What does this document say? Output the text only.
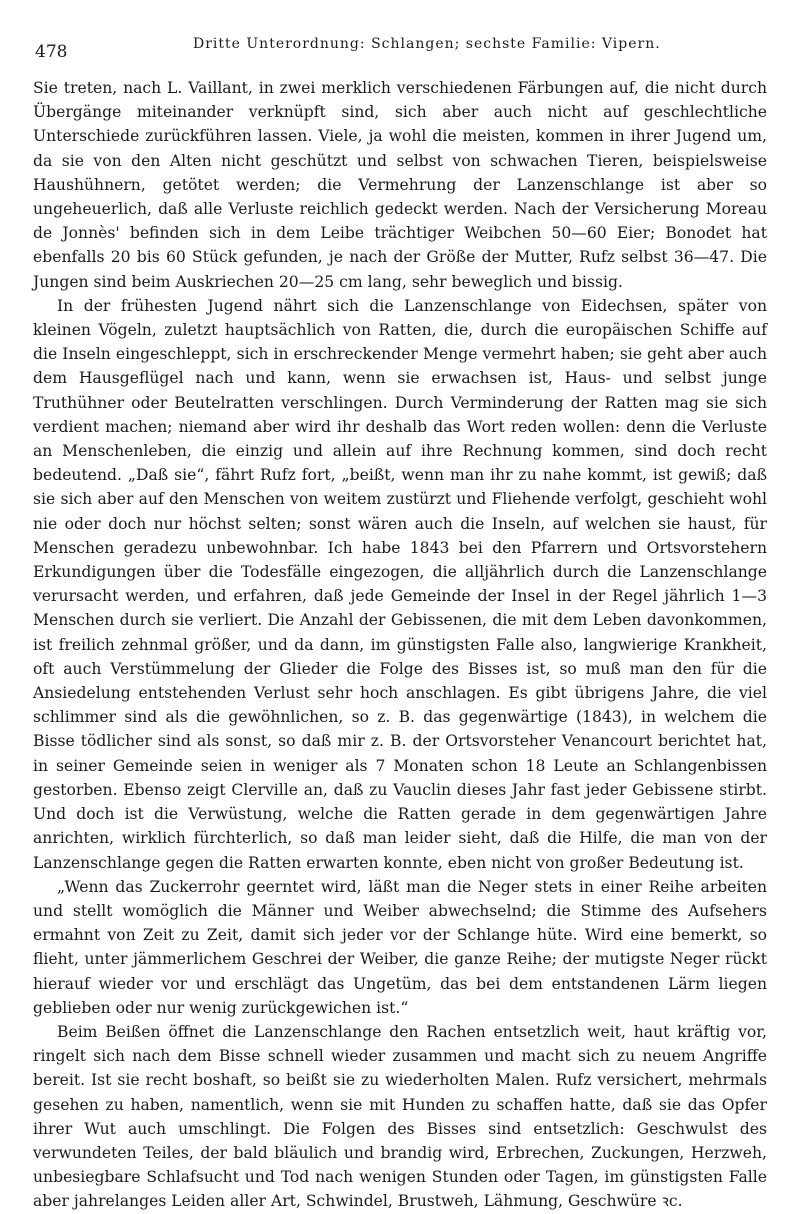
478	Dritte Unterordnung: Schlangen; sechste Familie: Vipern.

Sie treten, nach L. Vaillant, in zwei merklich verschiedenen Färbungen auf, die nicht durch Übergänge miteinander verknüpft sind, sich aber auch nicht auf geschlechtliche Unterschiede zurückführen lassen. Viele, ja wohl die meisten, kommen in ihrer Jugend um, da sie von den Alten nicht geschützt und selbst von schwachen Tieren, beispielsweise Haushühnern, getötet werden; die Vermehrung der Lanzenschlange ist aber so ungeheuerlich, daß alle Verluste reichlich gedeckt werden. Nach der Versicherung Moreau de Jonnès' befinden sich in dem Leibe trächtiger Weibchen 50—60 Eier; Bonodet hat ebenfalls 20 bis 60 Stück gefunden, je nach der Größe der Mutter, Rufz selbst 36—47. Die Jungen sind beim Auskriechen 20—25 cm lang, sehr beweglich und bissig.

In der frühesten Jugend nährt sich die Lanzenschlange von Eidechsen, später von kleinen Vögeln, zuletzt hauptsächlich von Ratten, die, durch die europäischen Schiffe auf die Inseln eingeschleppt, sich in erschreckender Menge vermehrt haben; sie geht aber auch dem Hausgeflügel nach und kann, wenn sie erwachsen ist, Haus- und selbst junge Truthühner oder Beutelratten verschlingen. Durch Verminderung der Ratten mag sie sich verdient machen; niemand aber wird ihr deshalb das Wort reden wollen: denn die Verluste an Menschenleben, die einzig und allein auf ihre Rechnung kommen, sind doch recht bedeutend. „Daß sie“, fährt Rufz fort, „beißt, wenn man ihr zu nahe kommt, ist gewiß; daß sie sich aber auf den Menschen von weitem zustürzt und Fliehende verfolgt, geschieht wohl nie oder doch nur höchst selten; sonst wären auch die Inseln, auf welchen sie haust, für Menschen geradezu unbewohnbar. Ich habe 1843 bei den Pfarrern und Ortsvorstehern Erkundigungen über die Todesfälle eingezogen, die alljährlich durch die Lanzenschlange verursacht werden, und erfahren, daß jede Gemeinde der Insel in der Regel jährlich 1—3 Menschen durch sie verliert. Die Anzahl der Gebissenen, die mit dem Leben davonkommen, ist freilich zehnmal größer, und da dann, im günstigsten Falle also, langwierige Krankheit, oft auch Verstümmelung der Glieder die Folge des Bisses ist, so muß man den für die Ansiedelung entstehenden Verlust sehr hoch anschlagen. Es gibt übrigens Jahre, die viel schlimmer sind als die gewöhnlichen, so z. B. das gegenwärtige (1843), in welchem die Bisse tödlicher sind als sonst, so daß mir z. B. der Ortsvorsteher Venancourt berichtet hat, in seiner Gemeinde seien in weniger als 7 Monaten schon 18 Leute an Schlangenbissen gestorben. Ebenso zeigt Clerville an, daß zu Vauclin dieses Jahr fast jeder Gebissene stirbt. Und doch ist die Verwüstung, welche die Ratten gerade in dem gegenwärtigen Jahre anrichten, wirklich fürchterlich, so daß man leider sieht, daß die Hilfe, die man von der Lanzenschlange gegen die Ratten erwarten konnte, eben nicht von großer Bedeutung ist.

„Wenn das Zuckerrohr geerntet wird, läßt man die Neger stets in einer Reihe arbeiten und stellt womöglich die Männer und Weiber abwechselnd; die Stimme des Aufsehers ermahnt von Zeit zu Zeit, damit sich jeder vor der Schlange hüte. Wird eine bemerkt, so flieht, unter jämmerlichem Geschrei der Weiber, die ganze Reihe; der mutigste Neger rückt hierauf wieder vor und erschlägt das Ungetüm, das bei dem entstandenen Lärm liegen geblieben oder nur wenig zurückgewichen ist.“

Beim Beißen öffnet die Lanzenschlange den Rachen entsetzlich weit, haut kräftig vor, ringelt sich nach dem Bisse schnell wieder zusammen und macht sich zu neuem Angriffe bereit. Ist sie recht boshaft, so beißt sie zu wiederholten Malen. Rufz versichert, mehrmals gesehen zu haben, namentlich, wenn sie mit Hunden zu schaffen hatte, daß sie das Opfer ihrer Wut auch umschlingt. Die Folgen des Bisses sind entsetzlich: Geschwulst des verwundeten Teiles, der bald bläulich und brandig wird, Erbrechen, Zuckungen, Herzweh, unbesiegbare Schlafsucht und Tod nach wenigen Stunden oder Tagen, im günstigsten Falle aber jahrelanges Leiden aller Art, Schwindel, Brustweh, Lähmung, Geschwüre ꝛc.
